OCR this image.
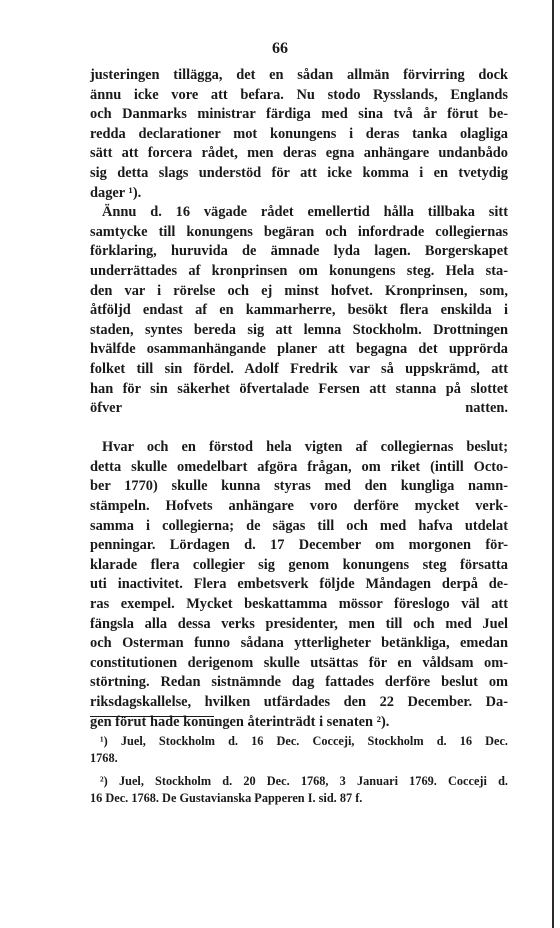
66
justeringen tillägga, det en sådan allmän förvirring dock
ännu icke vore att befara. Nu stodo Rysslands, Englands
och Danmarks ministrar färdiga med sina två år förut be-
redda declarationer mot konungens i deras tanka olagliga
sätt att forcera rådet, men deras egna anhängare undanbådo
sig detta slags understöd för att icke komma i en tvetydig
dager ¹).
Ännu d. 16 vägade rådet emellertid hålla tillbaka sitt
samtycke till konungens begäran och infordrade collegiernas
förklaring, huruvida de ämnade lyda lagen. Borgerskapet
underrättades af kronprinsen om konungens steg. Hela sta-
den var i rörelse och ej minst hofvet. Kronprinsen, som,
åtföljd endast af en kammarherre, besökt flera enskilda i
staden, syntes bereda sig att lemna Stockholm. Drottningen
hvälfde osammanhängande planer att begagna det upprörda
folket till sin fördel. Adolf Fredrik var så uppskrämd, att
han för sin säkerhet öfvertalade Fersen att stanna på slottet
öfver natten.
Hvar och en förstod hela vigten af collegiernas beslut;
detta skulle omedelbart afgöra frågan, om riket (intill Octo-
ber 1770) skulle kunna styras med den kungliga namn-
stämpeln. Hofvets anhängare voro derföre mycket verk-
samma i collegierna; de sägas till och med hafva utdelat
penningar. Lördagen d. 17 December om morgonen för-
klarade flera collegier sig genom konungens steg försatta
uti inactivitet. Flera embetsverk följde Måndagen derpå de-
ras exempel. Mycket beskattamma mössor föreslogo väl att
fängsla alla dessa verks presidenter, men till och med Juel
och Osterman funno sådana ytterligheter betänkliga, emedan
constitutionen derigenom skulle utsättas för en våldsam om-
störtning. Redan sistnämnde dag fattades derföre beslut om
riksdagskallelse, hvilken utfärdades den 22 December. Da-
gen förut hade konungen återinträdt i senaten ²).
¹) Juel, Stockholm d. 16 Dec. Cocceji, Stockholm d. 16 Dec.
1768.
²) Juel, Stockholm d. 20 Dec. 1768, 3 Januari 1769. Cocceji d.
16 Dec. 1768. De Gustavianska Papperen I. sid. 87 f.
